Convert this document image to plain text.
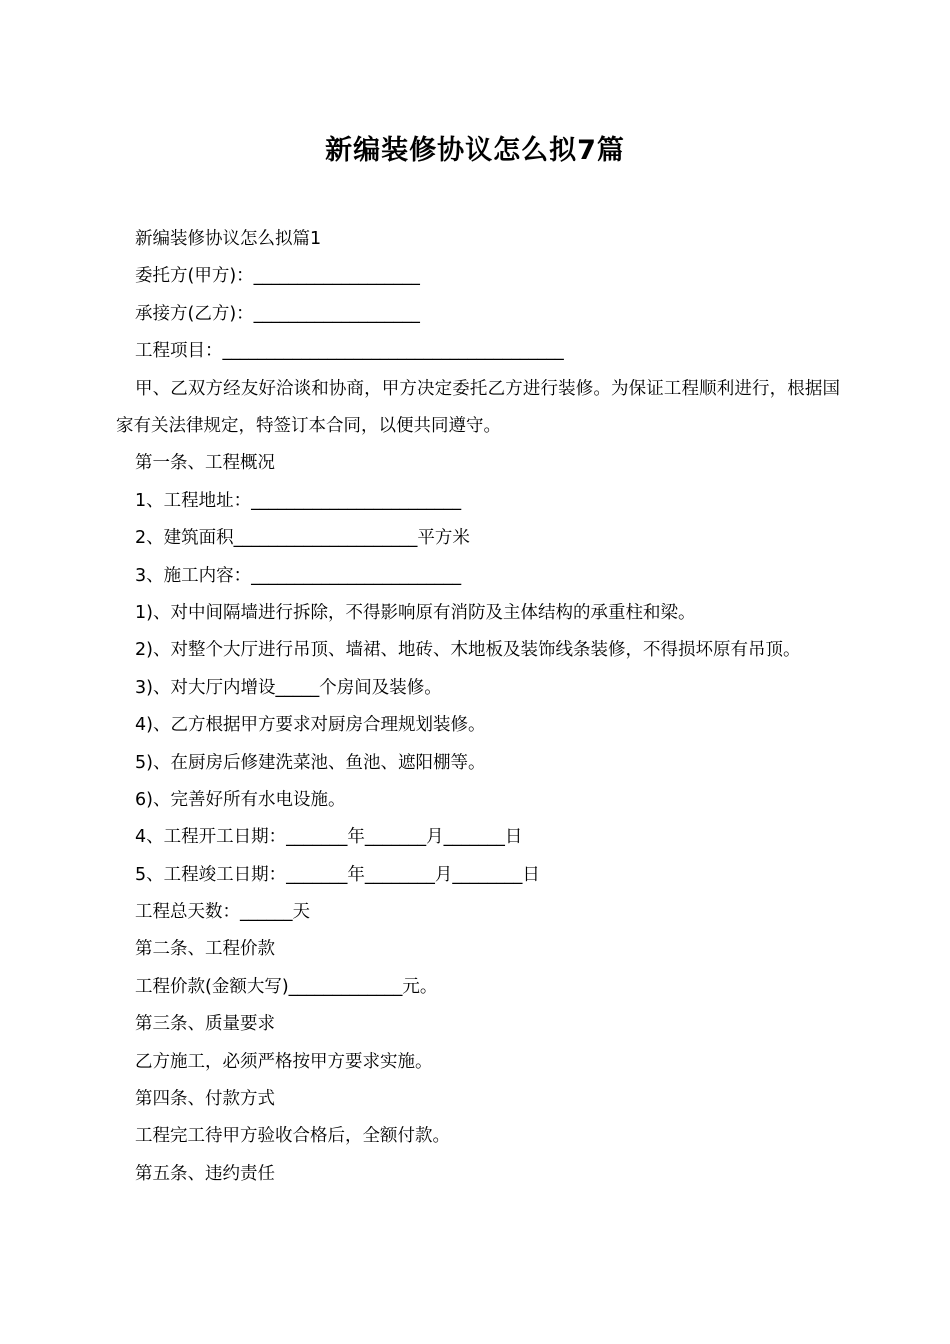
新编装修协议怎么拟7篇
新编装修协议怎么拟篇1
委托方(甲方)：___________________
承接方(乙方)：___________________
工程项目：_______________________________________
甲、乙双方经友好洽谈和协商，甲方决定委托乙方进行装修。为保证工程顺利进行，根据国家有关法律规定，特签订本合同，以便共同遵守。
第一条、工程概况
1、工程地址：________________________
2、建筑面积_____________________平方米
3、施工内容：________________________
1)、对中间隔墙进行拆除，不得影响原有消防及主体结构的承重柱和梁。
2)、对整个大厅进行吊顶、墙裙、地砖、木地板及装饰线条装修，不得损坏原有吊顶。
3)、对大厅内增设_____个房间及装修。
4)、乙方根据甲方要求对厨房合理规划装修。
5)、在厨房后修建洗菜池、鱼池、遮阳棚等。
6)、完善好所有水电设施。
4、工程开工日期：_______年_______月_______日
5、工程竣工日期：_______年________月________日
工程总天数：______天
第二条、工程价款
工程价款(金额大写)_____________元。
第三条、质量要求
乙方施工，必须严格按甲方要求实施。
第四条、付款方式
工程完工待甲方验收合格后，全额付款。
第五条、违约责任
